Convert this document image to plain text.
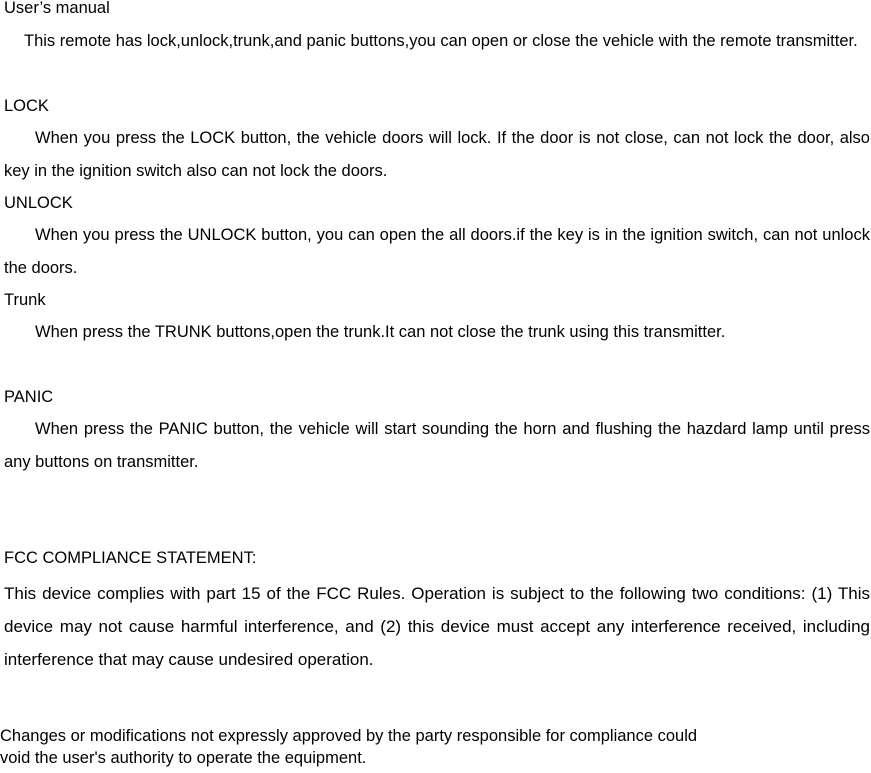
User’s manual
This remote has lock,unlock,trunk,and panic buttons,you can open or close the vehicle with the remote transmitter.
LOCK
When you press the LOCK button, the vehicle doors will lock. If the door is not close, can not lock the door, also key in the ignition switch also can not lock the doors.
UNLOCK
When you press the UNLOCK button, you can open the all doors.if the key is in the ignition switch, can not unlock the doors.
Trunk
When press the TRUNK buttons,open the trunk.It can not close the trunk using this transmitter.
PANIC
When press the PANIC button, the vehicle will start sounding the horn and flushing the hazdard lamp until press any buttons on transmitter.
FCC COMPLIANCE STATEMENT:
This device complies with part 15 of the FCC Rules. Operation is subject to the following two conditions: (1) This device may not cause harmful interference, and (2) this device must accept any interference received, including interference that may cause undesired operation.
Changes or modifications not expressly approved by the party responsible for compliance could
void the user's authority to operate the equipment.
